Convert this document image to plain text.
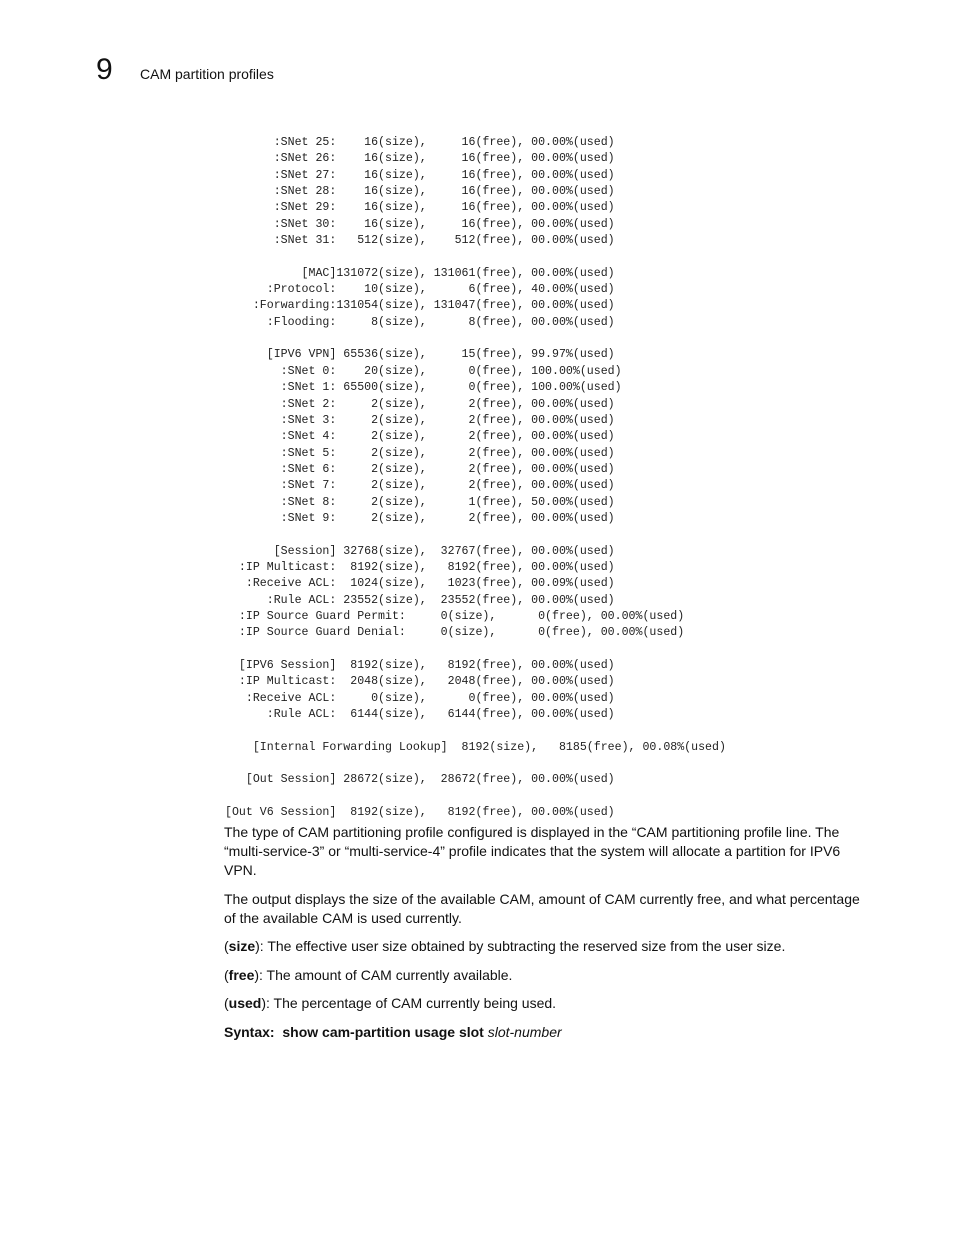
9 CAM partition profiles
:SNet 25:    16(size),     16(free), 00.00%(used)
:SNet 26:    16(size),     16(free), 00.00%(used)
:SNet 27:    16(size),     16(free), 00.00%(used)
:SNet 28:    16(size),     16(free), 00.00%(used)
:SNet 29:    16(size),     16(free), 00.00%(used)
:SNet 30:    16(size),     16(free), 00.00%(used)
:SNet 31:   512(size),    512(free), 00.00%(used)

[MAC]131072(size), 131061(free), 00.00%(used)
:Protocol:    10(size),      6(free), 40.00%(used)
:Forwarding:131054(size), 131047(free), 00.00%(used)
:Flooding:     8(size),      8(free), 00.00%(used)

[IPV6 VPN] 65536(size),     15(free), 99.97%(used)
:SNet 0:    20(size),      0(free), 100.00%(used)
:SNet 1: 65500(size),      0(free), 100.00%(used)
:SNet 2:     2(size),      2(free), 00.00%(used)
:SNet 3:     2(size),      2(free), 00.00%(used)
:SNet 4:     2(size),      2(free), 00.00%(used)
:SNet 5:     2(size),      2(free), 00.00%(used)
:SNet 6:     2(size),      2(free), 00.00%(used)
:SNet 7:     2(size),      2(free), 00.00%(used)
:SNet 8:     2(size),      1(free), 50.00%(used)
:SNet 9:     2(size),      2(free), 00.00%(used)

[Session] 32768(size),  32767(free), 00.00%(used)
:IP Multicast:  8192(size),   8192(free), 00.00%(used)
:Receive ACL:  1024(size),   1023(free), 00.09%(used)
:Rule ACL: 23552(size),  23552(free), 00.00%(used)
:IP Source Guard Permit:     0(size),      0(free), 00.00%(used)
:IP Source Guard Denial:     0(size),      0(free), 00.00%(used)

[IPV6 Session]  8192(size),   8192(free), 00.00%(used)
:IP Multicast:  2048(size),   2048(free), 00.00%(used)
:Receive ACL:     0(size),      0(free), 00.00%(used)
:Rule ACL:  6144(size),   6144(free), 00.00%(used)

[Internal Forwarding Lookup]  8192(size),   8185(free), 00.08%(used)

[Out Session] 28672(size),  28672(free), 00.00%(used)

[Out V6 Session]  8192(size),   8192(free), 00.00%(used)

The type of CAM partitioning profile configured is displayed in the “CAM partitioning profile line. The “multi-service-3” or “multi-service-4” profile indicates that the system will allocate a partition for IPV6 VPN.

The output displays the size of the available CAM, amount of CAM currently free, and what percentage of the available CAM is used currently.

(size): The effective user size obtained by subtracting the reserved size from the user size.

(free): The amount of CAM currently available.

(used): The percentage of CAM currently being used.

Syntax: show cam-partition usage slot slot-number
